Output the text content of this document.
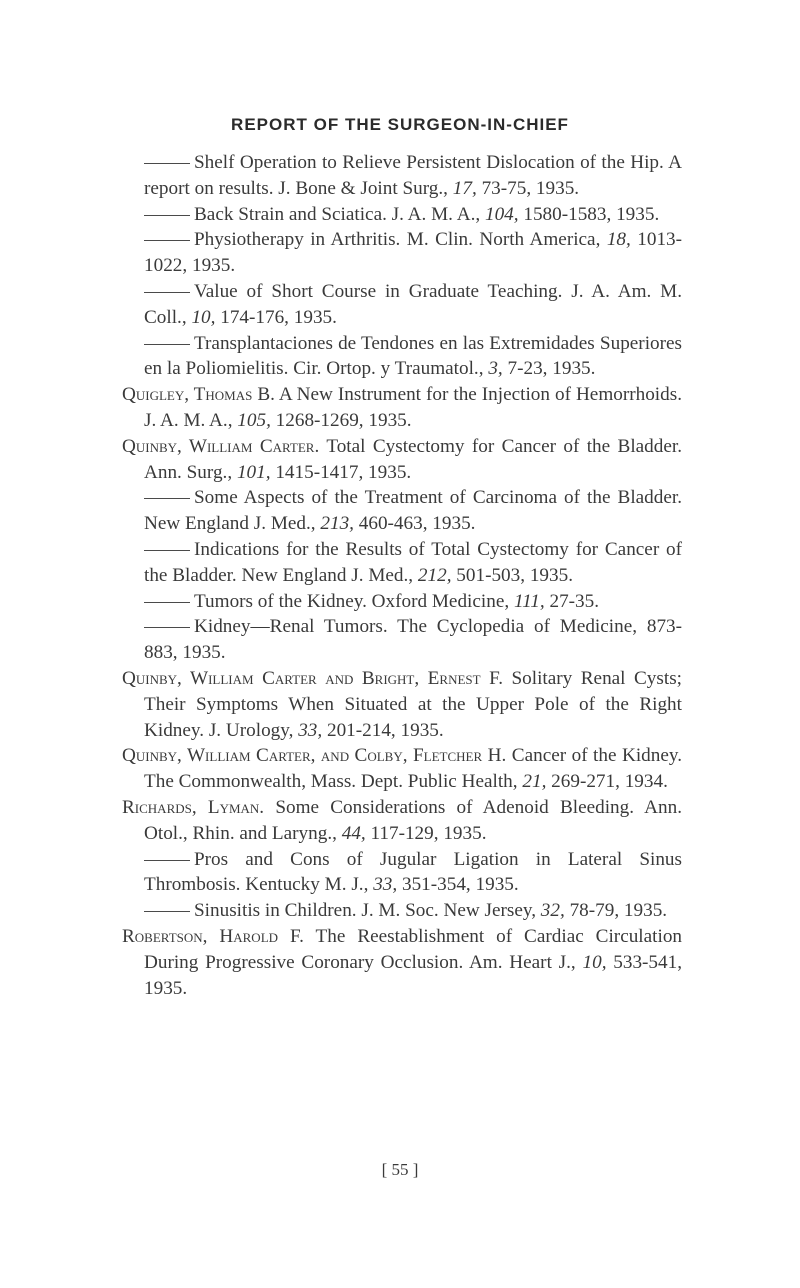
REPORT OF THE SURGEON-IN-CHIEF
Shelf Operation to Relieve Persistent Dislocation of the Hip. A report on results. J. Bone & Joint Surg., 17, 73-75, 1935.
Back Strain and Sciatica. J. A. M. A., 104, 1580-1583, 1935.
Physiotherapy in Arthritis. M. Clin. North America, 18, 1013-1022, 1935.
Value of Short Course in Graduate Teaching. J. A. Am. M. Coll., 10, 174-176, 1935.
Transplantaciones de Tendones en las Extremidades Superiores en la Poliomielitis. Cir. Ortop. y Traumatol., 3, 7-23, 1935.
Quigley, Thomas B. A New Instrument for the Injection of Hemorrhoids. J. A. M. A., 105, 1268-1269, 1935.
Quinby, William Carter. Total Cystectomy for Cancer of the Bladder. Ann. Surg., 101, 1415-1417, 1935.
Some Aspects of the Treatment of Carcinoma of the Bladder. New England J. Med., 213, 460-463, 1935.
Indications for the Results of Total Cystectomy for Cancer of the Bladder. New England J. Med., 212, 501-503, 1935.
Tumors of the Kidney. Oxford Medicine, 111, 27-35.
Kidney—Renal Tumors. The Cyclopedia of Medicine, 873-883, 1935.
Quinby, William Carter and Bright, Ernest F. Solitary Renal Cysts; Their Symptoms When Situated at the Upper Pole of the Right Kidney. J. Urology, 33, 201-214, 1935.
Quinby, William Carter, and Colby, Fletcher H. Cancer of the Kidney. The Commonwealth, Mass. Dept. Public Health, 21, 269-271, 1934.
Richards, Lyman. Some Considerations of Adenoid Bleeding. Ann. Otol., Rhin. and Laryng., 44, 117-129, 1935.
Pros and Cons of Jugular Ligation in Lateral Sinus Thrombosis. Kentucky M. J., 33, 351-354, 1935.
Sinusitis in Children. J. M. Soc. New Jersey, 32, 78-79, 1935.
Robertson, Harold F. The Reestablishment of Cardiac Circulation During Progressive Coronary Occlusion. Am. Heart J., 10, 533-541, 1935.
[ 55 ]
